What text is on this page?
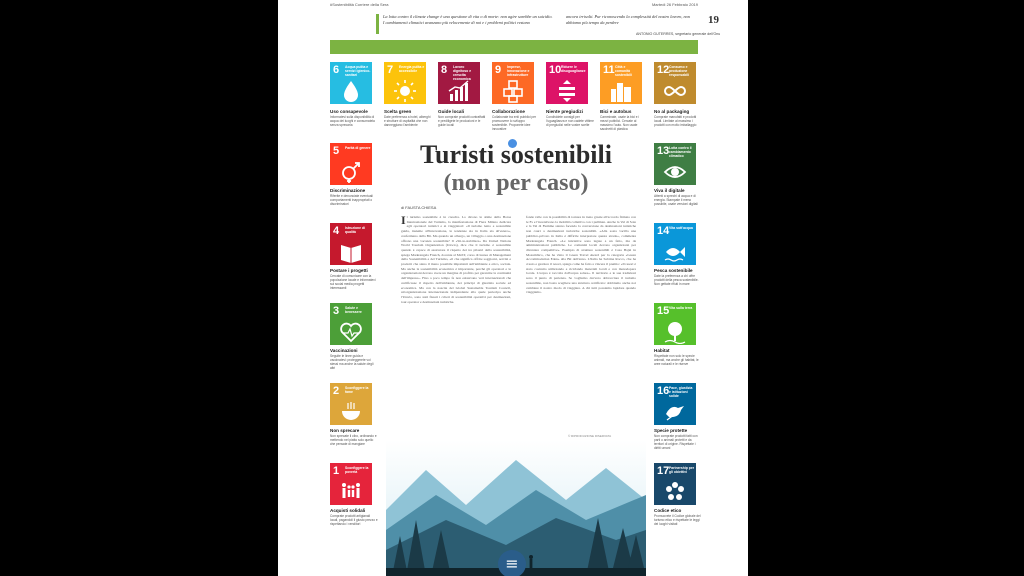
#Sostenibilità Corriere della Sera	Martedì 26 Febbraio 2019
19
La lotta contro il climate change è una questione di vita o di morte: non agire sarebbe un suicidio. I cambiamenti climatici avanzano più velocemente di noi e i problemi politici restano
ancora irrisolti. Pur riconoscendo la complessità del nostro lavoro, non abbiamo più tempo da perdere
ANTONIO GUTERRES, segretario generale dell'Onu
6 Acqua pulita e servizi igienico-sanitari
Uso consapevole
Informatevi sulla disponibilità di acqua dei luoghi e consumatela senza sprecarla
7 Energia pulita e accessibile
Scelta green
Date preferenza a hotel, alberghi e strutture di ospitalità che non danneggiano l'ambiente
8 Lavoro dignitoso e crescita economica
Guide locali
Non comprate prodotti contraffatti e prediligete le produzioni e le guide locali
9 Imprese, innovazione e infrastrutture
Collaborazione
Collaborate tra enti pubblici per promuovere lo sviluppo sostenibile. Proponete idee innovative
10 Ridurre le disuguaglianze
Niente pregiudizi
Condividete consigli per l'uguaglianza e non cadete vittime di pregiudizi nelle vostre scelte
11 Città e comunità sostenibili
Bici e autobus
Camminate, usate la bici e i mezzi pubblici. Cercate al massimo l'auto. Non usate sacchetti di plastica
12 Consumo e produzione responsabili
No al packaging
Comprate manufatti e prodotti locali. Limitate al massimo i prodotti con molto imballaggio
5 Parità di genere
Discriminazione
Riferite e denunciate eventuali comportamenti inappropriati o discriminatori
4 Istruzione di qualità
Postare i progetti
Cercate di comunicare con la popolazione locale e informatevi sui social media progetti interessanti
3 Salute e benessere
Vaccinazioni
Seguite le linee guida e vaccinatevi: proteggerete voi stessi ma anche la salute degli altri
2 Sconfiggere la fame
Non sprecare
Non sprecate il cibo, ordinando e mettendo nel piatto solo quello che pensate di mangiare
1 Sconfiggere la povertà
Acquisti solidali
Comprate prodotti artigianali locali, pagandoli il giusto prezzo e rispettando i venditori
13 Lotta contro il cambiamento climatico
Viva il digitale
Attenti a sprechi di acqua e di energia. Stampate il meno possibile, usate versioni digitali
14 Vita sott'acqua
Pesca sostenibile
Date la preferenza a chi offre prodotti della pesca sostenibile. Non gettate rifiuti in mare
15 Vita sulla terra
Habitat
Rispettate non solo le specie animali, ma anche gli habitat, le aree naturali e le riserve
16 Pace, giustizia e istituzioni solide
Specie protette
Non comprate prodotti fatti con parti o animali protetti e da territori di origine. Rispettate i diritti umani
17 Partnership per gli obiettivi
Codice etico
Promuovete il Codice globale del turismo etico e rispettate le leggi dei luoghi visitati
Turisti sostenibili
(non per caso)
di FAUSTA CHIESA
Il turismo sostenibile è in crescita. Lo dicono le stime della Borsa Internazionale del Turismo, la manifestazione di Fiera Milano dedicata agli operatori turistici e ai viaggiatori: «Il turismo lento e sostenibile guida, insieme all'innovazione, le tendenze sia in Italia sia all'estero», confermano dalla Bit. Ma quando un albergo, un villaggio o una destinazione offrono una vacanza sostenibile? Il «Sii-le-stabilisce» Da United Nations World Tourism Organization (Unwto), dice che il turismo è sostenibile quando è capace di assicurare il rispetto dei tre pilastri della sostenibilità, spiega Markrangela Franch, docente al MaST, corso di laurea di Management della Sostenibilità e del Turismo, «il che significa offrire soggiorni, servizi e prodotti che siano il meno possibile impattanti sull'ambiente e etico, sociale. Ma anche la sostenibilità economica è importante, perché gli operatori e le organizzazioni devono avere un margine di profitto per garantire la continuità dell'impresa». Fino a poco tempo fa non esistevano veri internazionali che certificasse il rispetto dell'ambiente, dei principi di giustizia sociale ed economica. Ma con la nascita del Global Sustainable Tourism Council, un'organizzazione internazionale indipendente alla quale partecipa anche l'Unwto, sono stati fissati i criteri di sostenibilità operativi per destinazioni, tour operator e destinazioni turistiche.
fonde valle con la possibilità di tornare in treno grazie all'accordo firmato con le Fs e l'incentivano la mobilità collettiva con i pullman. Anche la Val di Sole e la Val di Fiemme stanno facendo la conversione da destinazioni turistiche non cauri a destinazioni turistiche sostenibili. «Alla sosta vacilla una pubblico-privato in Italia è difficile interpretare questa strada», commenta Markrangela Franch. «Le iniziative sono legate a un fatto, ma da amministrazioni pubbliche. Le comunità locali devono organizzarsi per diventare competitive». Esempio di strutture sostenibili è Casa Bajtè in Mozambico, che ha vinto il Green Travel Award per la categoria «Green Accommodation Eden» alla Bit dell'anno. L'Italia ha Sabrina Rocco, che ha creato e gestisce il resort, spiega come ha fatto a vincere il premio: «Il resort è stato costruito utilizzando e riciclando materiali locali e con manodopera locale. L'acqua è raccolta dall'acqua solare». Il territorio e le sue tradizioni sono il punto di partenza. Se vogliamo davvero abbracciare il turismo sostenibile, non basta scegliere una struttura certificata: dobbiamo anche noi cambiare il nostro modo di viaggiare. A chi tutti possiamo lapidare quando viaggiamo.
© RIPRODUZIONE RISERVATA
≡
›
